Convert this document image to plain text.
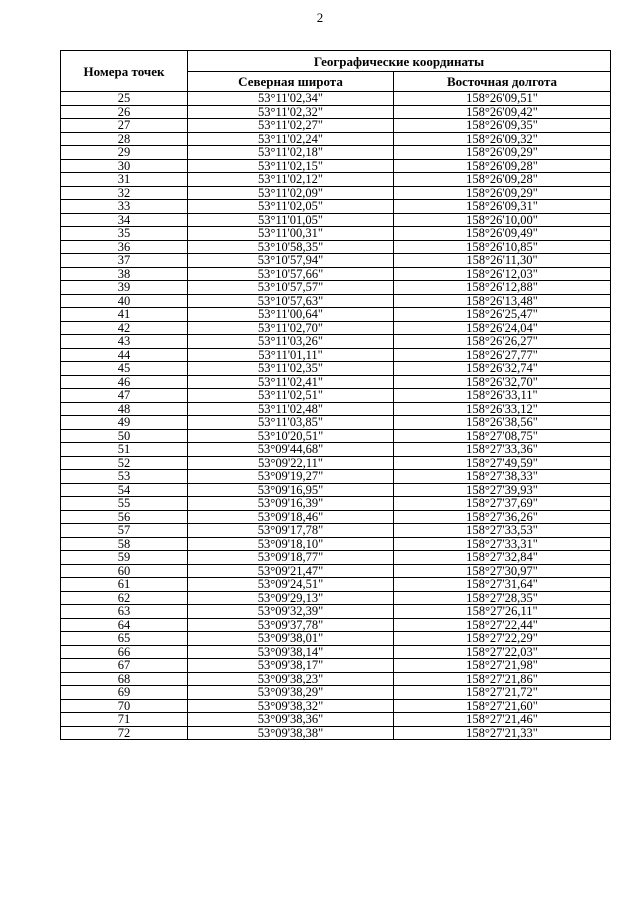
2
Номера точек	Географические координаты	
	Северная широта	Восточная долгота
25	53°11'02,34"	158°26'09,51"
26	53°11'02,32"	158°26'09,42"
27	53°11'02,27"	158°26'09,35"
28	53°11'02,24"	158°26'09,32"
29	53°11'02,18"	158°26'09,29"
30	53°11'02,15"	158°26'09,28"
31	53°11'02,12"	158°26'09,28"
32	53°11'02,09"	158°26'09,29"
33	53°11'02,05"	158°26'09,31"
34	53°11'01,05"	158°26'10,00"
35	53°11'00,31"	158°26'09,49"
36	53°10'58,35"	158°26'10,85"
37	53°10'57,94"	158°26'11,30"
38	53°10'57,66"	158°26'12,03"
39	53°10'57,57"	158°26'12,88"
40	53°10'57,63"	158°26'13,48"
41	53°11'00,64"	158°26'25,47"
42	53°11'02,70"	158°26'24,04"
43	53°11'03,26"	158°26'26,27"
44	53°11'01,11"	158°26'27,77"
45	53°11'02,35"	158°26'32,74"
46	53°11'02,41"	158°26'32,70"
47	53°11'02,51"	158°26'33,11"
48	53°11'02,48"	158°26'33,12"
49	53°11'03,85"	158°26'38,56"
50	53°10'20,51"	158°27'08,75"
51	53°09'44,68"	158°27'33,36"
52	53°09'22,11"	158°27'49,59"
53	53°09'19,27"	158°27'38,33"
54	53°09'16,95"	158°27'39,93"
55	53°09'16,39"	158°27'37,69"
56	53°09'18,46"	158°27'36,26"
57	53°09'17,78"	158°27'33,53"
58	53°09'18,10"	158°27'33,31"
59	53°09'18,77"	158°27'32,84"
60	53°09'21,47"	158°27'30,97"
61	53°09'24,51"	158°27'31,64"
62	53°09'29,13"	158°27'28,35"
63	53°09'32,39"	158°27'26,11"
64	53°09'37,78"	158°27'22,44"
65	53°09'38,01"	158°27'22,29"
66	53°09'38,14"	158°27'22,03"
67	53°09'38,17"	158°27'21,98"
68	53°09'38,23"	158°27'21,86"
69	53°09'38,29"	158°27'21,72"
70	53°09'38,32"	158°27'21,60"
71	53°09'38,36"	158°27'21,46"
72	53°09'38,38"	158°27'21,33"
